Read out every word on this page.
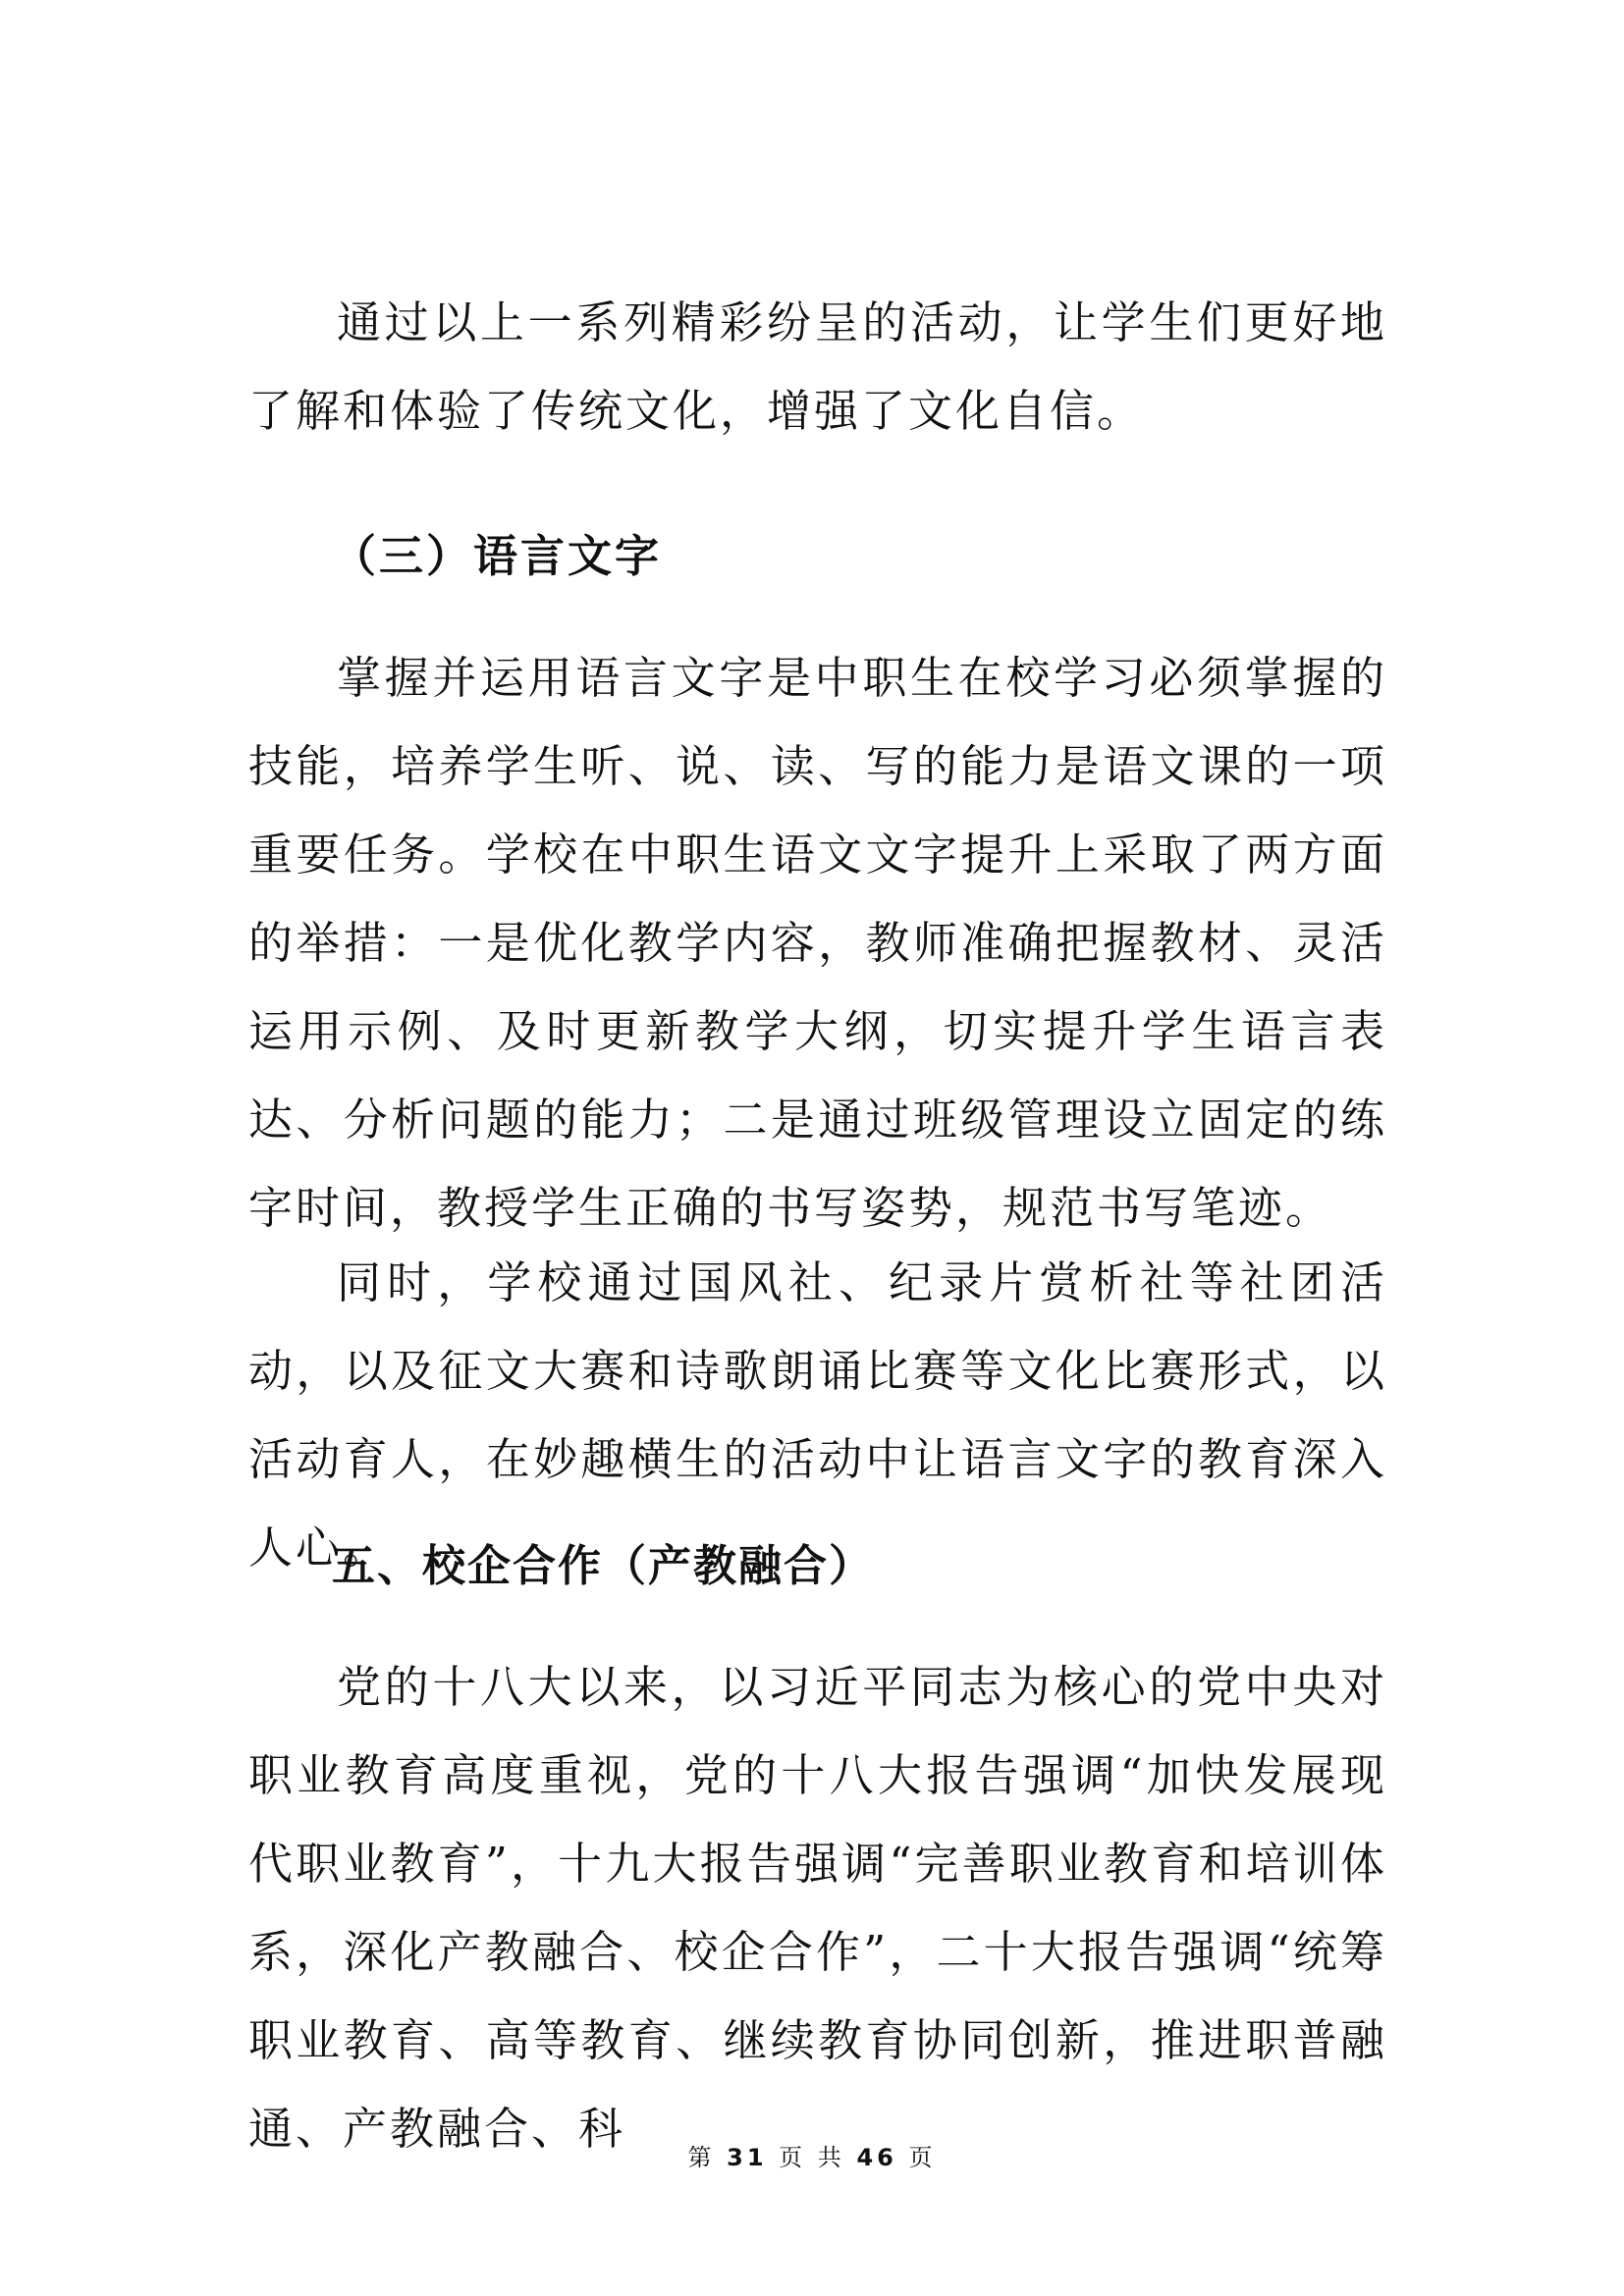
通过以上一系列精彩纷呈的活动，让学生们更好地了解和体验了传统文化，增强了文化自信。

（三）语言文字

掌握并运用语言文字是中职生在校学习必须掌握的技能，培养学生听、说、读、写的能力是语文课的一项重要任务。学校在中职生语文文字提升上采取了两方面的举措：一是优化教学内容，教师准确把握教材、灵活运用示例、及时更新教学大纲，切实提升学生语言表达、分析问题的能力；二是通过班级管理设立固定的练字时间，教授学生正确的书写姿势，规范书写笔迹。

同时，学校通过国风社、纪录片赏析社等社团活动，以及征文大赛和诗歌朗诵比赛等文化比赛形式，以活动育人，在妙趣横生的活动中让语言文字的教育深入人心。

五、校企合作（产教融合）

党的十八大以来，以习近平同志为核心的党中央对职业教育高度重视，党的十八大报告强调“加快发展现代职业教育”，十九大报告强调“完善职业教育和培训体系，深化产教融合、校企合作”，二十大报告强调“统筹职业教育、高等教育、继续教育协同创新，推进职普融通、产教融合、科

第 31 页 共 46 页
